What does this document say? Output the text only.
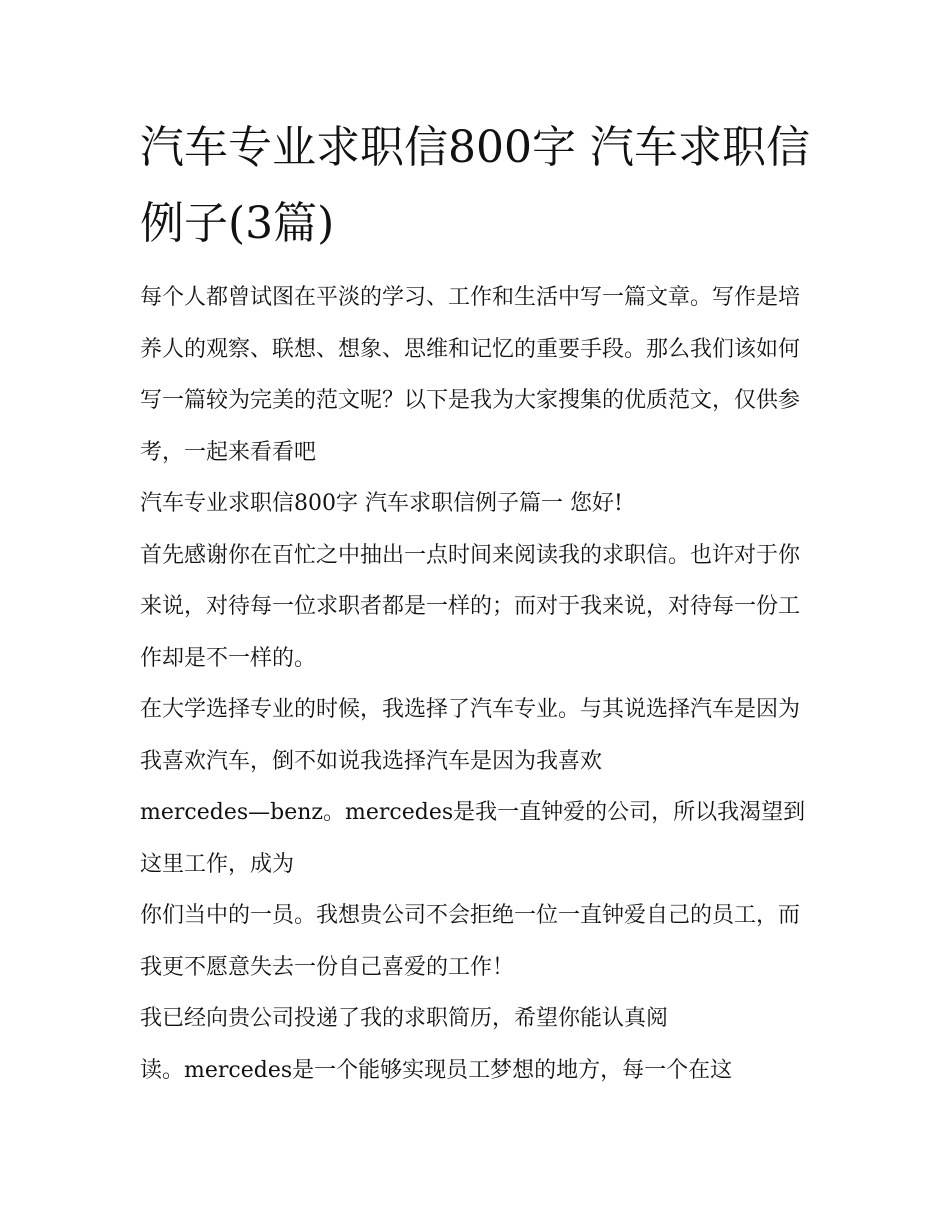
汽车专业求职信800字 汽车求职信例子(3篇)

每个人都曾试图在平淡的学习、工作和生活中写一篇文章。写作是培养人的观察、联想、想象、思维和记忆的重要手段。那么我们该如何写一篇较为完美的范文呢？以下是我为大家搜集的优质范文，仅供参考，一起来看看吧

汽车专业求职信800字 汽车求职信例子篇一 您好!

首先感谢你在百忙之中抽出一点时间来阅读我的求职信。也许对于你来说，对待每一位求职者都是一样的；而对于我来说，对待每一份工作却是不一样的。

在大学选择专业的时候，我选择了汽车专业。与其说选择汽车是因为我喜欢汽车，倒不如说我选择汽车是因为我喜欢

mercedes—benz。mercedes是我一直钟爱的公司，所以我渴望到这里工作，成为

你们当中的一员。我想贵公司不会拒绝一位一直钟爱自己的员工，而我更不愿意失去一份自己喜爱的工作！

我已经向贵公司投递了我的求职简历，希望你能认真阅

读。mercedes是一个能够实现员工梦想的地方，每一个在这
